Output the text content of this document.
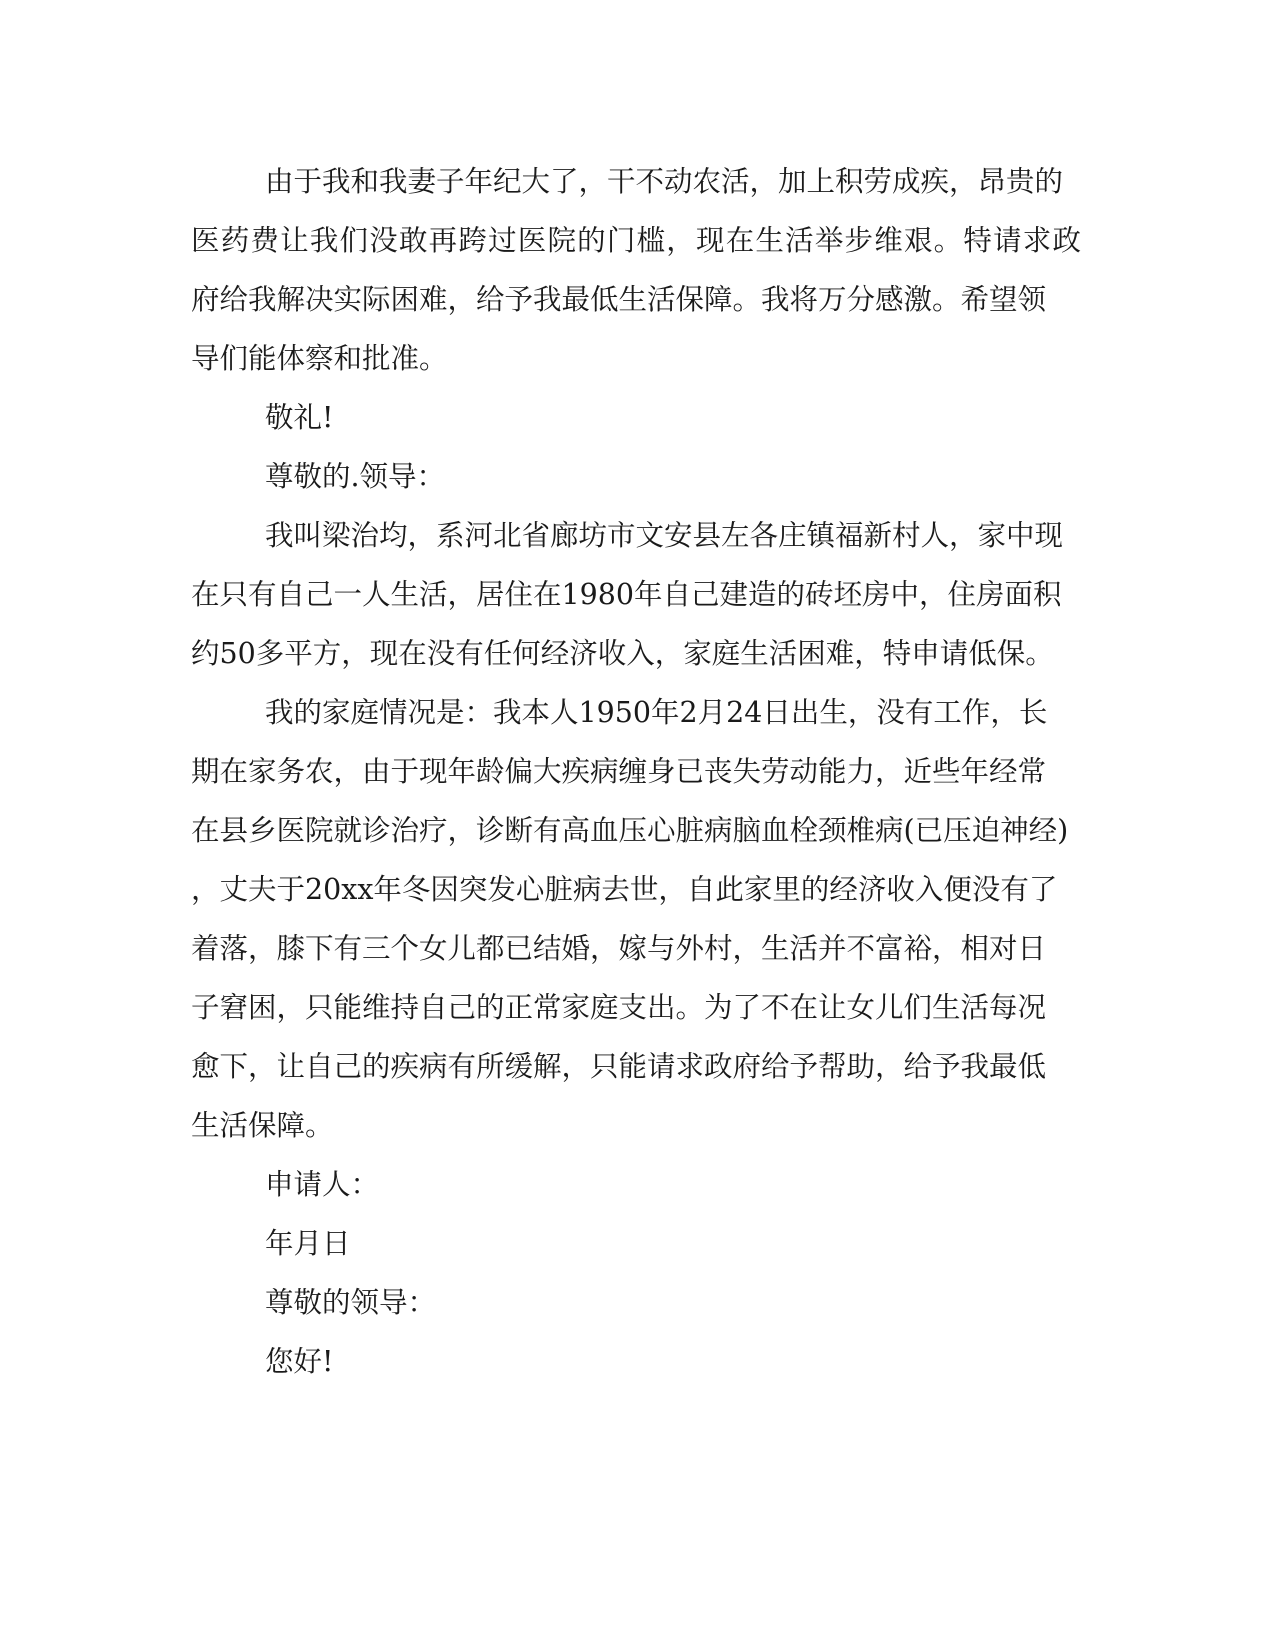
由于我和我妻子年纪大了，干不动农活，加上积劳成疾，昂贵的
医药费让我们没敢再跨过医院的门槛，现在生活举步维艰。特请求政
府给我解决实际困难，给予我最低生活保障。我将万分感激。希望领
导们能体察和批准。
敬礼!
尊敬的.领导：
我叫梁治均，系河北省廊坊市文安县左各庄镇福新村人，家中现
在只有自己一人生活，居住在1980年自己建造的砖坯房中，住房面积
约50多平方，现在没有任何经济收入，家庭生活困难，特申请低保。
我的家庭情况是：我本人1950年2月24日出生，没有工作，长
期在家务农，由于现年龄偏大疾病缠身已丧失劳动能力，近些年经常
在县乡医院就诊治疗，诊断有高血压心脏病脑血栓颈椎病(已压迫神经)
，丈夫于20xx年冬因突发心脏病去世，自此家里的经济收入便没有了
着落，膝下有三个女儿都已结婚，嫁与外村，生活并不富裕，相对日
子窘困，只能维持自己的正常家庭支出。为了不在让女儿们生活每况
愈下，让自己的疾病有所缓解，只能请求政府给予帮助，给予我最低
生活保障。
申请人：
年月日
尊敬的领导：
您好!
